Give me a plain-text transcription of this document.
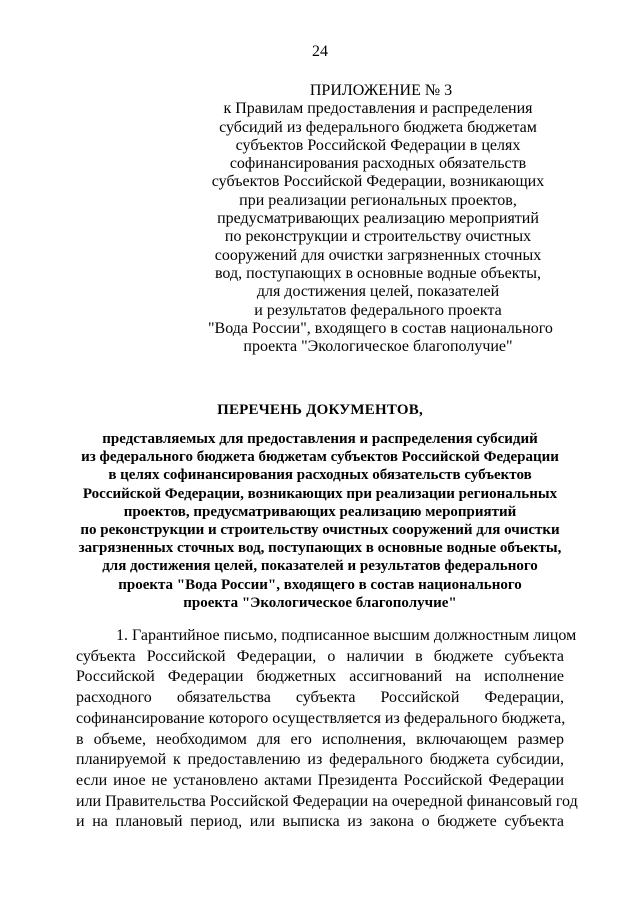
24
ПРИЛОЖЕНИЕ № 3
к Правилам предоставления и распределения
субсидий из федерального бюджета бюджетам
субъектов Российской Федерации в целях
софинансирования расходных обязательств
субъектов Российской Федерации, возникающих
при реализации региональных проектов,
предусматривающих реализацию мероприятий
по реконструкции и строительству очистных
сооружений для очистки загрязненных сточных
вод, поступающих в основные водные объекты,
для достижения целей, показателей
и результатов федерального проекта
"Вода России", входящего в состав национального
проекта "Экологическое благополучие"
ПЕРЕЧЕНЬ ДОКУМЕНТОВ,
представляемых для предоставления и распределения субсидий
из федерального бюджета бюджетам субъектов Российской Федерации
в целях софинансирования расходных обязательств субъектов
Российской Федерации, возникающих при реализации региональных
проектов, предусматривающих реализацию мероприятий
по реконструкции и строительству очистных сооружений для очистки
загрязненных сточных вод, поступающих в основные водные объекты,
для достижения целей, показателей и результатов федерального
проекта "Вода России", входящего в состав национального
проекта "Экологическое благополучие"
1. Гарантийное письмо, подписанное высшим должностным лицом
субъекта Российской Федерации, о наличии в бюджете субъекта
Российской Федерации бюджетных ассигнований на исполнение
расходного обязательства субъекта Российской Федерации,
софинансирование которого осуществляется из федерального бюджета,
в объеме, необходимом для его исполнения, включающем размер
планируемой к предоставлению из федерального бюджета субсидии,
если иное не установлено актами Президента Российской Федерации
или Правительства Российской Федерации на очередной финансовый год
и на плановый период, или выписка из закона о бюджете субъекта
